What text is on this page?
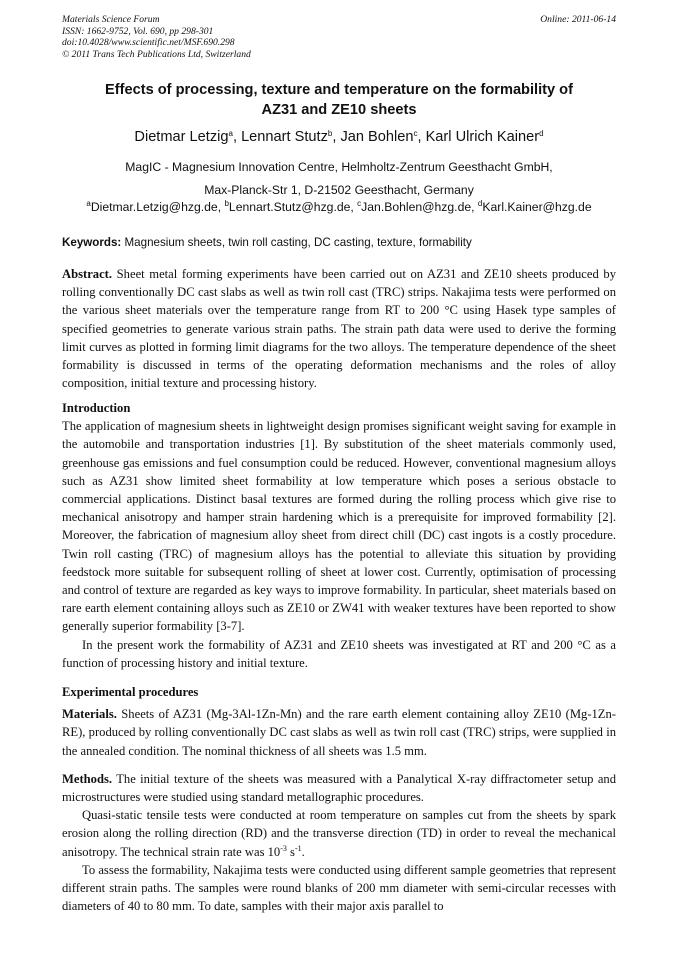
Materials Science Forum
ISSN: 1662-9752, Vol. 690, pp 298-301
doi:10.4028/www.scientific.net/MSF.690.298
© 2011 Trans Tech Publications Ltd, Switzerland
Online: 2011-06-14
Effects of processing, texture and temperature on the formability of
AZ31 and ZE10 sheets
Dietmar Letzig$^a$, Lennart Stutz$^b$, Jan Bohlen$^c$, Karl Ulrich Kainer$^d$
MagIC - Magnesium Innovation Centre, Helmholtz-Zentrum Geesthacht GmbH,
Max-Planck-Str 1, D-21502 Geesthacht, Germany
$^a$Dietmar.Letzig@hzg.de, $^b$Lennart.Stutz@hzg.de, $^c$Jan.Bohlen@hzg.de, $^d$Karl.Kainer@hzg.de
Keywords: Magnesium sheets, twin roll casting, DC casting, texture, formability

Abstract. Sheet metal forming experiments have been carried out on AZ31 and ZE10 sheets produced by rolling conventionally DC cast slabs as well as twin roll cast (TRC) strips. Nakajima tests were performed on the various sheet materials over the temperature range from RT to 200 °C using Hasek type samples of specified geometries to generate various strain paths. The strain path data were used to derive the forming limit curves as plotted in forming limit diagrams for the two alloys. The temperature dependence of the sheet formability is discussed in terms of the operating deformation mechanisms and the roles of alloy composition, initial texture and processing history.

Introduction

The application of magnesium sheets in lightweight design promises significant weight saving for example in the automobile and transportation industries [1]. By substitution of the sheet materials commonly used, greenhouse gas emissions and fuel consumption could be reduced. However, conventional magnesium alloys such as AZ31 show limited sheet formability at low temperature which poses a serious obstacle to commercial applications. Distinct basal textures are formed during the rolling process which give rise to mechanical anisotropy and hamper strain hardening which is a prerequisite for improved formability [2]. Moreover, the fabrication of magnesium alloy sheet from direct chill (DC) cast ingots is a costly procedure. Twin roll casting (TRC) of magnesium alloys has the potential to alleviate this situation by providing feedstock more suitable for subsequent rolling of sheet at lower cost. Currently, optimisation of processing and control of texture are regarded as key ways to improve formability. In particular, sheet materials based on rare earth element containing alloys such as ZE10 or ZW41 with weaker textures have been reported to show generally superior formability [3-7].

In the present work the formability of AZ31 and ZE10 sheets was investigated at RT and 200 °C as a function of processing history and initial texture.

Experimental procedures

Materials. Sheets of AZ31 (Mg-3Al-1Zn-Mn) and the rare earth element containing alloy ZE10 (Mg-1Zn-RE), produced by rolling conventionally DC cast slabs as well as twin roll cast (TRC) strips, were supplied in the annealed condition. The nominal thickness of all sheets was 1.5 mm.

Methods. The initial texture of the sheets was measured with a Panalytical X-ray diffractometer setup and microstructures were studied using standard metallographic procedures.

Quasi-static tensile tests were conducted at room temperature on samples cut from the sheets by spark erosion along the rolling direction (RD) and the transverse direction (TD) in order to reveal the mechanical anisotropy. The technical strain rate was $10^{-3}$ $s^{-1}$.

To assess the formability, Nakajima tests were conducted using different sample geometries that represent different strain paths. The samples were round blanks of 200 mm diameter with semi-circular recesses with diameters of 40 to 80 mm. To date, samples with their major axis parallel to
